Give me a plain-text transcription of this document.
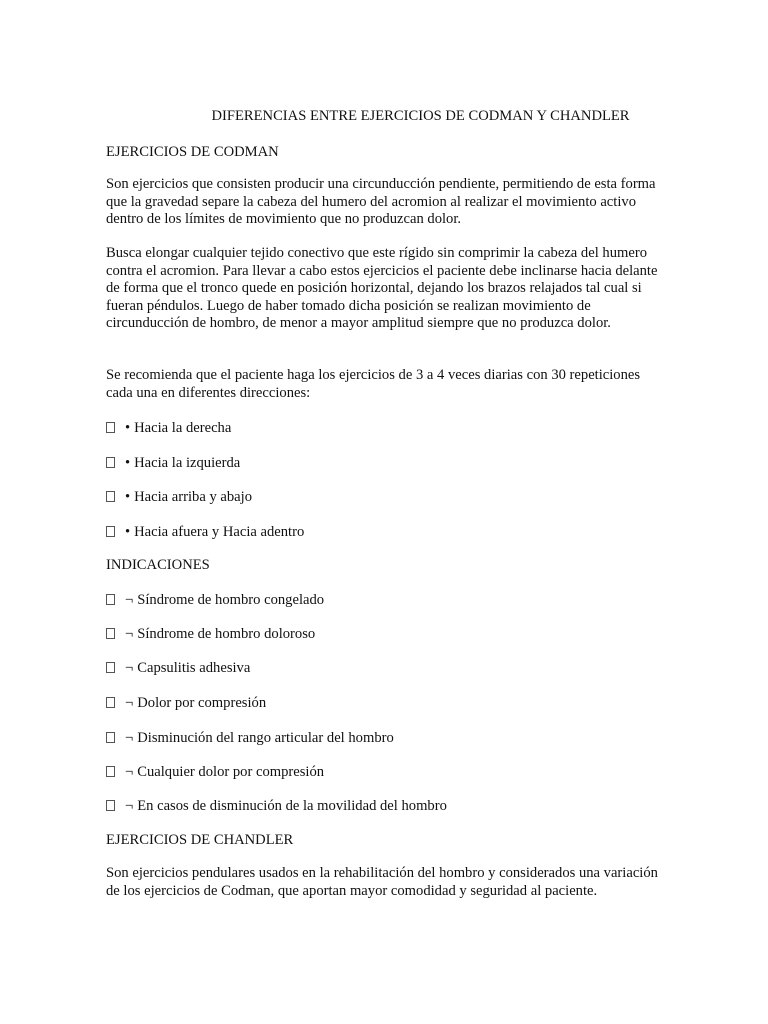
DIFERENCIAS ENTRE EJERCICIOS DE CODMAN Y CHANDLER
EJERCICIOS DE CODMAN

Son ejercicios que consisten producir una circunducción pendiente, permitiendo de esta forma que la gravedad separe la cabeza del humero del acromion al realizar el movimiento activo dentro de los límites de movimiento que no produzcan dolor.

Busca elongar cualquier tejido conectivo que este rígido sin comprimir la cabeza del humero contra el acromion. Para llevar a cabo estos ejercicios el paciente debe inclinarse hacia delante de forma que el tronco quede en posición horizontal, dejando los brazos relajados tal cual si fueran péndulos. Luego de haber tomado dicha posición se realizan movimiento de circunducción de hombro, de menor a mayor amplitud siempre que no produzca dolor.

Se recomienda que el paciente haga los ejercicios de 3 a 4 veces diarias con 30 repeticiones cada una en diferentes direcciones:

• Hacia la derecha
• Hacia la izquierda
• Hacia arriba y abajo
• Hacia afuera y Hacia adentro
INDICACIONES
¬ Síndrome de hombro congelado
¬ Síndrome de hombro doloroso
¬ Capsulitis adhesiva
¬ Dolor por compresión
¬ Disminución del rango articular del hombro
¬ Cualquier dolor por compresión
¬ En casos de disminución de la movilidad del hombro
EJERCICIOS DE CHANDLER

Son ejercicios pendulares usados en la rehabilitación del hombro y considerados una variación de los ejercicios de Codman, que aportan mayor comodidad y seguridad al paciente.
